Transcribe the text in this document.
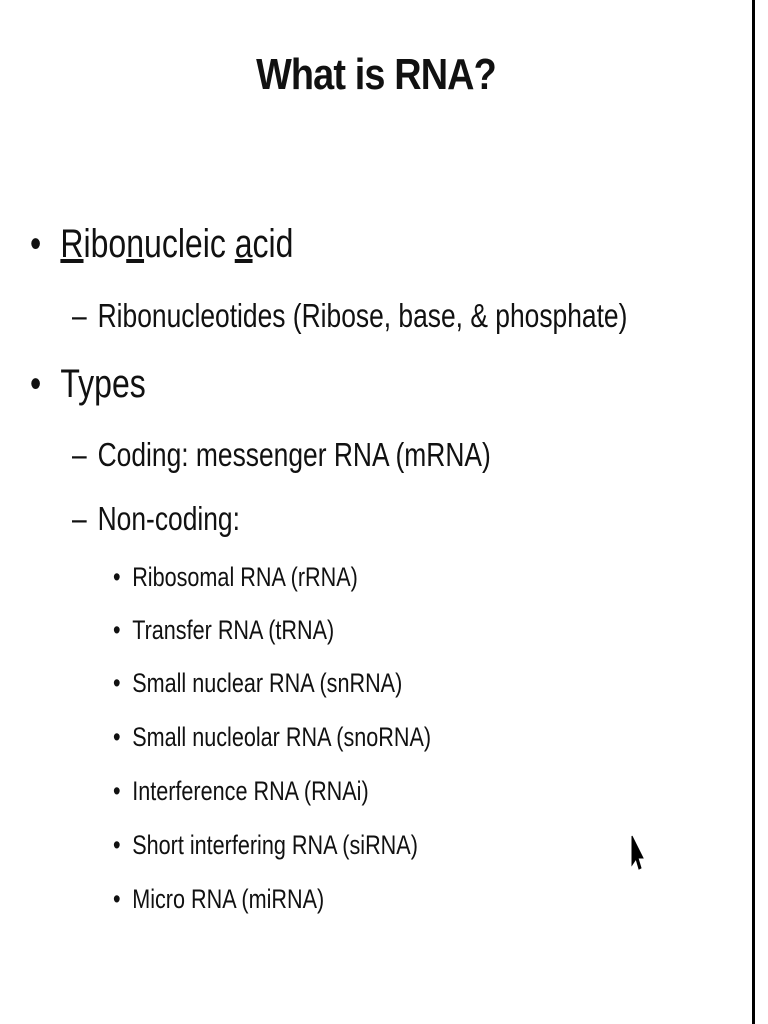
What is RNA?
• Ribonucleic acid
– Ribonucleotides (Ribose, base, & phosphate)
• Types
– Coding: messenger RNA (mRNA)
– Non-coding:
• Ribosomal RNA (rRNA)
• Transfer RNA (tRNA)
• Small nuclear RNA (snRNA)
• Small nucleolar RNA (snoRNA)
• Interference RNA (RNAi)
• Short interfering RNA (siRNA)
• Micro RNA (miRNA)
